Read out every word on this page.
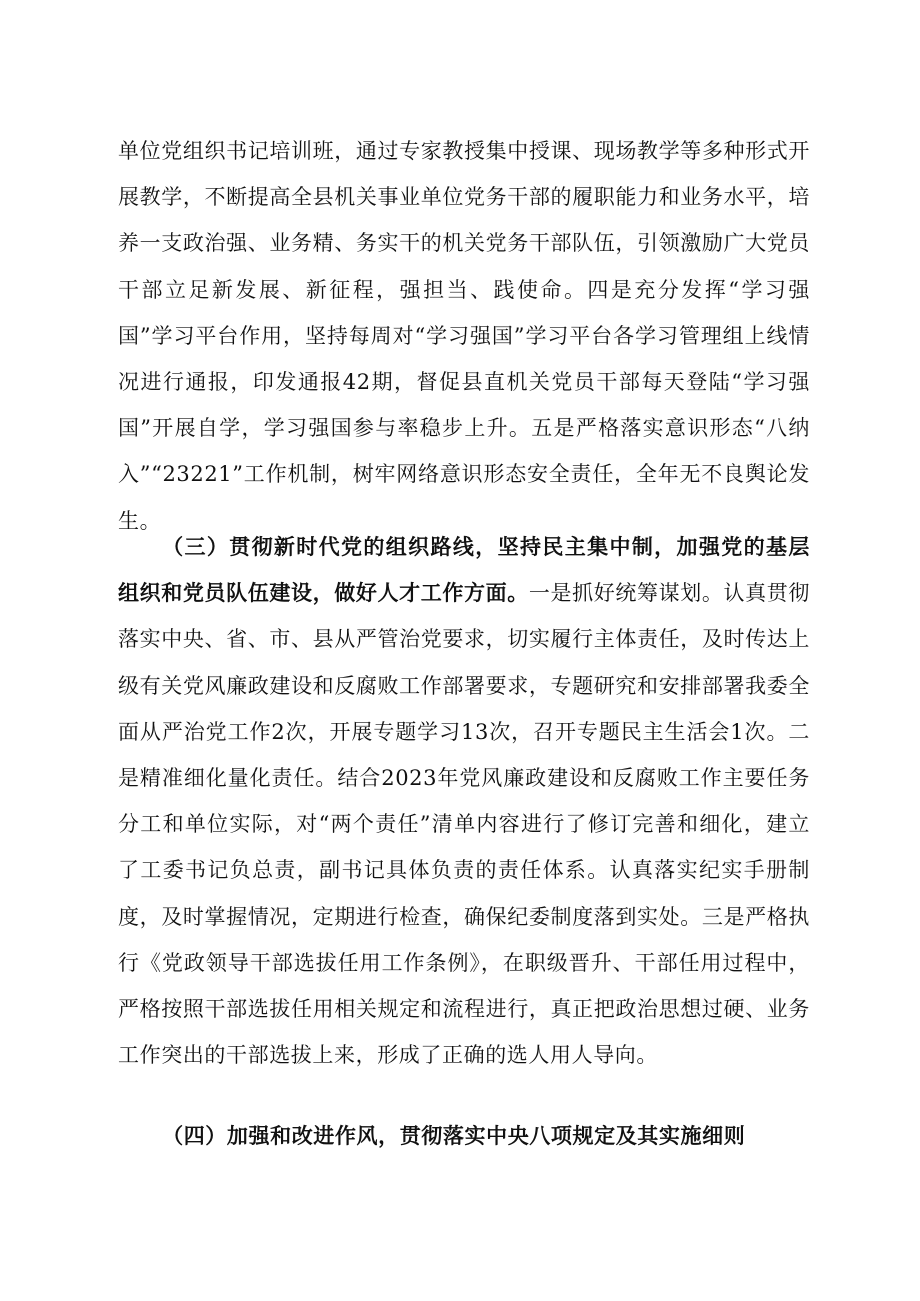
单位党组织书记培训班，通过专家教授集中授课、现场教学等多种形式开展教学，不断提高全县机关事业单位党务干部的履职能力和业务水平，培养一支政治强、业务精、务实干的机关党务干部队伍，引领激励广大党员干部立足新发展、新征程，强担当、践使命。四是充分发挥“学习强国”学习平台作用，坚持每周对“学习强国”学习平台各学习管理组上线情况进行通报，印发通报42期，督促县直机关党员干部每天登陆“学习强国”开展自学，学习强国参与率稳步上升。五是严格落实意识形态“八纳入”“23221”工作机制，树牢网络意识形态安全责任，全年无不良舆论发生。

（三）贯彻新时代党的组织路线，坚持民主集中制，加强党的基层组织和党员队伍建设，做好人才工作方面。一是抓好统筹谋划。认真贯彻落实中央、省、市、县从严管治党要求，切实履行主体责任，及时传达上级有关党风廉政建设和反腐败工作部署要求，专题研究和安排部署我委全面从严治党工作2次，开展专题学习13次，召开专题民主生活会1次。二是精准细化量化责任。结合2023年党风廉政建设和反腐败工作主要任务分工和单位实际，对“两个责任”清单内容进行了修订完善和细化，建立了工委书记负总责，副书记具体负责的责任体系。认真落实纪实手册制度，及时掌握情况，定期进行检查，确保纪委制度落到实处。三是严格执行《党政领导干部选拔任用工作条例》，在职级晋升、干部任用过程中，严格按照干部选拔任用相关规定和流程进行，真正把政治思想过硬、业务工作突出的干部选拔上来，形成了正确的选人用人导向。

（四）加强和改进作风，贯彻落实中央八项规定及其实施细则
